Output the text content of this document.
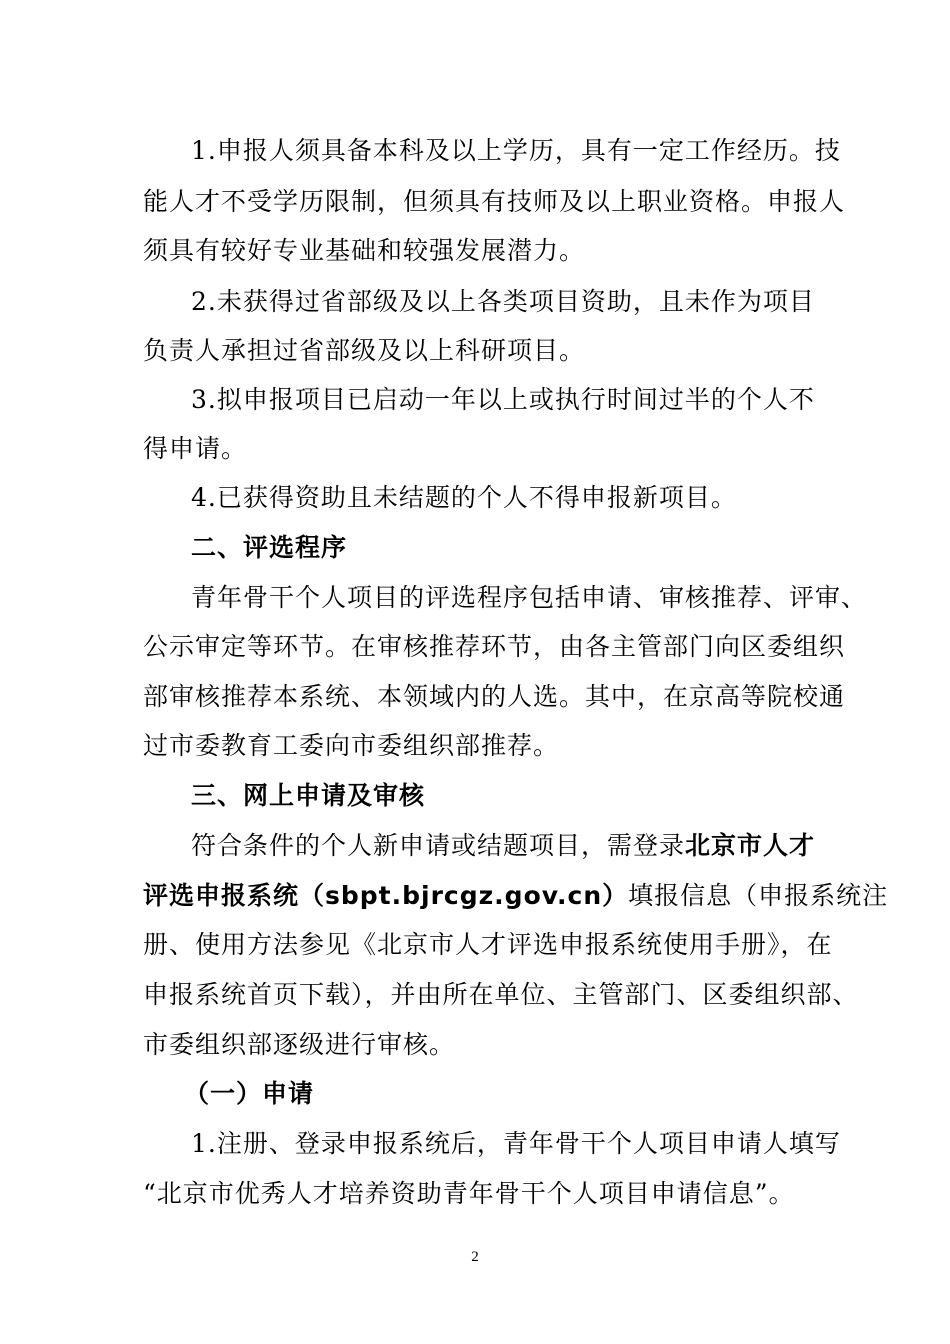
1.申报人须具备本科及以上学历，具有一定工作经历。技
能人才不受学历限制，但须具有技师及以上职业资格。申报人
须具有较好专业基础和较强发展潜力。
2.未获得过省部级及以上各类项目资助，且未作为项目
负责人承担过省部级及以上科研项目。
3.拟申报项目已启动一年以上或执行时间过半的个人不
得申请。
4.已获得资助且未结题的个人不得申报新项目。
二、评选程序
青年骨干个人项目的评选程序包括申请、审核推荐、评审、
公示审定等环节。在审核推荐环节，由各主管部门向区委组织
部审核推荐本系统、本领域内的人选。其中，在京高等院校通
过市委教育工委向市委组织部推荐。
三、网上申请及审核
符合条件的个人新申请或结题项目，需登录北京市人才
评选申报系统（sbpt.bjrcgz.gov.cn）填报信息（申报系统注
册、使用方法参见《北京市人才评选申报系统使用手册》，在
申报系统首页下载），并由所在单位、主管部门、区委组织部、
市委组织部逐级进行审核。
（一）申请
1.注册、登录申报系统后，青年骨干个人项目申请人填写
“北京市优秀人才培养资助青年骨干个人项目申请信息”。
2
